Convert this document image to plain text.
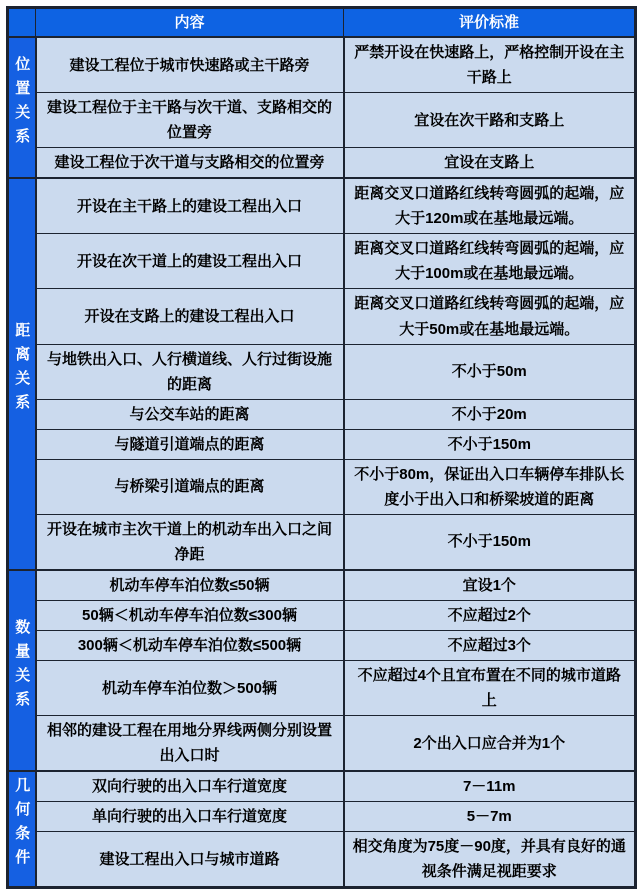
	内容	评价标准
位置关系	建设工程位于城市快速路或主干路旁	严禁开设在快速路上，严格控制开设在主干路上
	建设工程位于主干路与次干道、支路相交的位置旁	宜设在次干路和支路上
	建设工程位于次干道与支路相交的位置旁	宜设在支路上
距离关系	开设在主干路上的建设工程出入口	距离交叉口道路红线转弯圆弧的起端，应大于120m或在基地最远端。
	开设在次干道上的建设工程出入口	距离交叉口道路红线转弯圆弧的起端，应大于100m或在基地最远端。
	开设在支路上的建设工程出入口	距离交叉口道路红线转弯圆弧的起端，应大于50m或在基地最远端。
	与地铁出入口、人行横道线、人行过街设施的距离	不小于50m
	与公交车站的距离	不小于20m
	与隧道引道端点的距离	不小于150m
	与桥梁引道端点的距离	不小于80m，保证出入口车辆停车排队长度小于出入口和桥梁坡道的距离
	开设在城市主次干道上的机动车出入口之间净距	不小于150m
数量关系	机动车停车泊位数≤50辆	宜设1个
	50辆＜机动车停车泊位数≤300辆	不应超过2个
	300辆＜机动车停车泊位数≤500辆	不应超过3个
	机动车停车泊位数＞500辆	不应超过4个且宜布置在不同的城市道路上
	相邻的建设工程在用地分界线两侧分别设置出入口时	2个出入口应合并为1个
几何条件	双向行驶的出入口车行道宽度	7－11m
	单向行驶的出入口车行道宽度	5－7m
	建设工程出入口与城市道路	相交角度为75度－90度，并具有良好的通视条件满足视距要求
